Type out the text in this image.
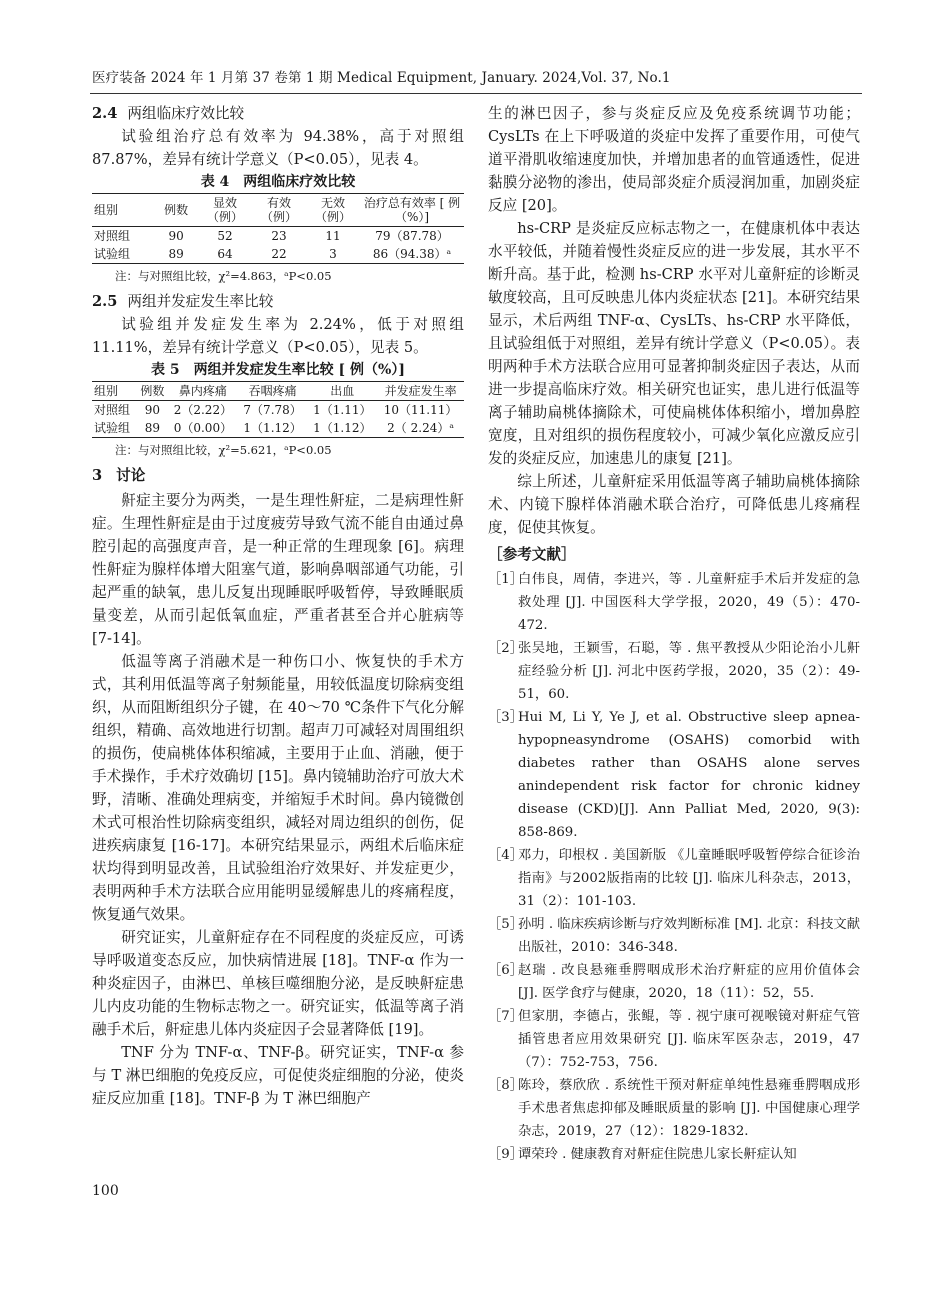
医疗装备 2024 年 1 月第 37 卷第 1 期 Medical Equipment, January. 2024,Vol. 37, No.1
2.4 两组临床疗效比较

试验组治疗总有效率为 94.38%，高于对照组 87.87%，差异有统计学意义（P<0.05），见表 4。

表 4　两组临床疗效比较
组别	例数	显效（例）	有效（例）	无效（例）	治疗总有效率 [ 例（%）]
对照组	90	52	23	11	79（87.78）
试验组	89	64	22	3	86（94.38）ᵃ
注：与对照组比较，χ²=4.863，ᵃP<0.05
2.5 两组并发症发生率比较

试验组并发症发生率为 2.24%，低于对照组 11.11%，差异有统计学意义（P<0.05），见表 5。

表 5　两组并发症发生率比较 [ 例（%）]
组别	例数	鼻内疼痛	吞咽疼痛	出血	并发症发生率
对照组	90	2（2.22）	7（7.78）	1（1.11）	10（11.11）
试验组	89	0（0.00）	1（1.12）	1（1.12）	2（ 2.24）ᵃ
注：与对照组比较，χ²=5.621，ᵃP<0.05
3 讨论

鼾症主要分为两类，一是生理性鼾症，二是病理性鼾症。生理性鼾症是由于过度疲劳导致气流不能自由通过鼻腔引起的高强度声音，是一种正常的生理现象 [6]。病理性鼾症为腺样体增大阻塞气道，影响鼻咽部通气功能，引起严重的缺氧，患儿反复出现睡眠呼吸暂停，导致睡眠质量变差，从而引起低氧血症，严重者甚至合并心脏病等 [7-14]。

低温等离子消融术是一种伤口小、恢复快的手术方式，其利用低温等离子射频能量，用较低温度切除病变组织，从而阻断组织分子键，在 40～70 ℃条件下气化分解组织，精确、高效地进行切割。超声刀可减轻对周围组织的损伤，使扁桃体体积缩减，主要用于止血、消融，便于手术操作，手术疗效确切 [15]。鼻内镜辅助治疗可放大术野，清晰、准确处理病变，并缩短手术时间。鼻内镜微创术式可根治性切除病变组织，减轻对周边组织的创伤，促进疾病康复 [16-17]。本研究结果显示，两组术后临床症状均得到明显改善，且试验组治疗效果好、并发症更少，表明两种手术方法联合应用能明显缓解患儿的疼痛程度，恢复通气效果。

研究证实，儿童鼾症存在不同程度的炎症反应，可诱导呼吸道变态反应，加快病情进展 [18]。TNF-α 作为一种炎症因子，由淋巴、单核巨噬细胞分泌，是反映鼾症患儿内皮功能的生物标志物之一。研究证实，低温等离子消融手术后，鼾症患儿体内炎症因子会显著降低 [19]。

TNF 分为 TNF-α、TNF-β。研究证实，TNF-α 参与 T 淋巴细胞的免疫反应，可促使炎症细胞的分泌，使炎症反应加重 [18]。TNF-β 为 T 淋巴细胞产

生的淋巴因子，参与炎症反应及免疫系统调节功能；CysLTs 在上下呼吸道的炎症中发挥了重要作用，可使气道平滑肌收缩速度加快，并增加患者的血管通透性，促进黏膜分泌物的渗出，使局部炎症介质浸润加重，加剧炎症反应 [20]。

hs-CRP 是炎症反应标志物之一，在健康机体中表达水平较低，并随着慢性炎症反应的进一步发展，其水平不断升高。基于此，检测 hs-CRP 水平对儿童鼾症的诊断灵敏度较高，且可反映患儿体内炎症状态 [21]。本研究结果显示，术后两组 TNF-α、CysLTs、hs-CRP 水平降低，且试验组低于对照组，差异有统计学意义（P<0.05）。表明两种手术方法联合应用可显著抑制炎症因子表达，从而进一步提高临床疗效。相关研究也证实，患儿进行低温等离子辅助扁桃体摘除术，可使扁桃体体积缩小，增加鼻腔宽度，且对组织的损伤程度较小，可减少氧化应激反应引发的炎症反应，加速患儿的康复 [21]。

综上所述，儿童鼾症采用低温等离子辅助扁桃体摘除术、内镜下腺样体消融术联合治疗，可降低患儿疼痛程度，促使其恢复。

［参考文献］
［1］
白伟良，周倩，李进兴，等 . 儿童鼾症手术后并发症的急救处理 [J]. 中国医科大学学报，2020，49（5）：470-472.
［2］
张吴地，王颖雪，石聪，等 . 焦平教授从少阳论治小儿鼾症经验分析 [J]. 河北中医药学报，2020，35（2）：49-51，60.
［3］
Hui M, Li Y, Ye J, et al. Obstructive sleep apnea-hypopneasyndrome (OSAHS) comorbid with diabetes rather than OSAHS alone serves anindependent risk factor for chronic kidney disease (CKD)[J]. Ann Palliat Med, 2020, 9(3): 858-869.
［4］
邓力，印根权 . 美国新版 《儿童睡眠呼吸暂停综合征诊治指南》与2002版指南的比较 [J]. 临床儿科杂志，2013，31（2）：101-103.
［5］
孙明 . 临床疾病诊断与疗效判断标准 [M]. 北京：科技文献出版社，2010：346-348.
［6］
赵瑞 . 改良悬雍垂腭咽成形术治疗鼾症的应用价值体会 [J]. 医学食疗与健康，2020，18（11）：52，55.
［7］
但家朋，李德占，张鲲，等 . 视宁康可视喉镜对鼾症气管插管患者应用效果研究 [J]. 临床军医杂志，2019，47（7）：752-753，756.
［8］
陈玲，蔡欣欣 . 系统性干预对鼾症单纯性悬雍垂腭咽成形手术患者焦虑抑郁及睡眠质量的影响 [J]. 中国健康心理学杂志，2019，27（12）：1829-1832.
［9］
谭荣玲 . 健康教育对鼾症住院患儿家长鼾症认知
100
